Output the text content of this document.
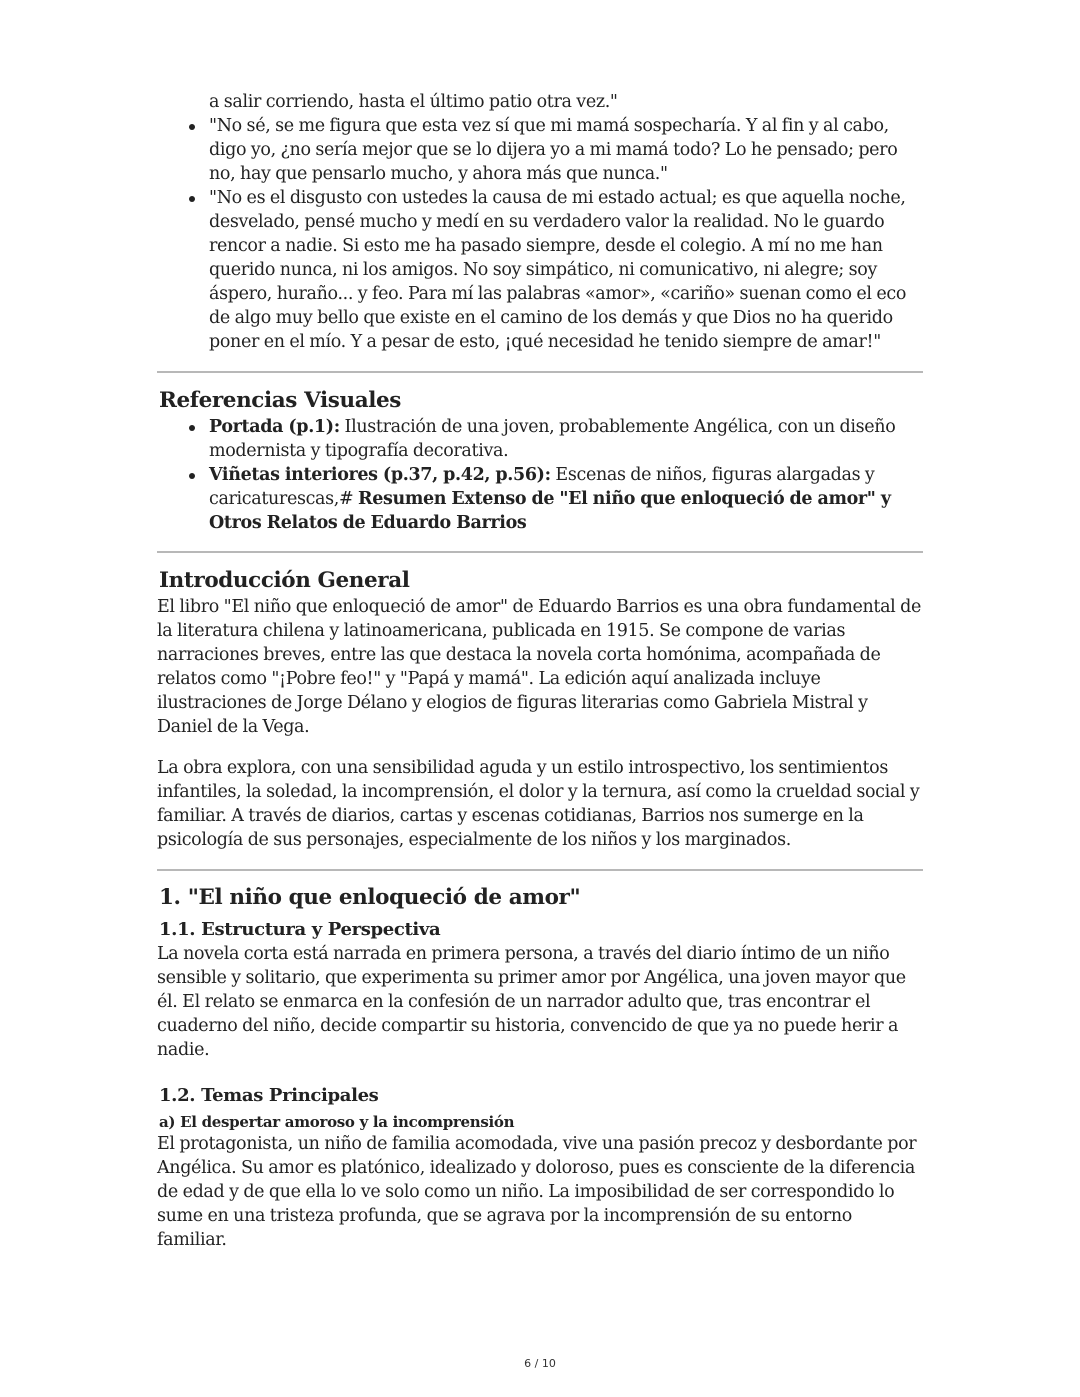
a salir corriendo, hasta el último patio otra vez."
"No sé, se me figura que esta vez sí que mi mamá sospecharía. Y al fin y al cabo, digo yo, ¿no sería mejor que se lo dijera yo a mi mamá todo? Lo he pensado; pero no, hay que pensarlo mucho, y ahora más que nunca."
"No es el disgusto con ustedes la causa de mi estado actual; es que aquella noche, desvelado, pensé mucho y medí en su verdadero valor la realidad. No le guardo rencor a nadie. Si esto me ha pasado siempre, desde el colegio. A mí no me han querido nunca, ni los amigos. No soy simpático, ni comunicativo, ni alegre; soy áspero, huraño... y feo. Para mí las palabras «amor», «cariño» suenan como el eco de algo muy bello que existe en el camino de los demás y que Dios no ha querido poner en el mío. Y a pesar de esto, ¡qué necesidad he tenido siempre de amar!"
Referencias Visuales
Portada (p.1): Ilustración de una joven, probablemente Angélica, con un diseño modernista y tipografía decorativa.
Viñetas interiores (p.37, p.42, p.56): Escenas de niños, figuras alargadas y caricaturescas,# Resumen Extenso de "El niño que enloqueció de amor" y Otros Relatos de Eduardo Barrios
Introducción General

El libro "El niño que enloqueció de amor" de Eduardo Barrios es una obra fundamental de la literatura chilena y latinoamericana, publicada en 1915. Se compone de varias narraciones breves, entre las que destaca la novela corta homónima, acompañada de relatos como "¡Pobre feo!" y "Papá y mamá". La edición aquí analizada incluye ilustraciones de Jorge Délano y elogios de figuras literarias como Gabriela Mistral y Daniel de la Vega.

La obra explora, con una sensibilidad aguda y un estilo introspectivo, los sentimientos infantiles, la soledad, la incomprensión, el dolor y la ternura, así como la crueldad social y familiar. A través de diarios, cartas y escenas cotidianas, Barrios nos sumerge en la psicología de sus personajes, especialmente de los niños y los marginados.

1. "El niño que enloqueció de amor"
1.1. Estructura y Perspectiva

La novela corta está narrada en primera persona, a través del diario íntimo de un niño sensible y solitario, que experimenta su primer amor por Angélica, una joven mayor que él. El relato se enmarca en la confesión de un narrador adulto que, tras encontrar el cuaderno del niño, decide compartir su historia, convencido de que ya no puede herir a nadie.

1.2. Temas Principales
a) El despertar amoroso y la incomprensión

El protagonista, un niño de familia acomodada, vive una pasión precoz y desbordante por Angélica. Su amor es platónico, idealizado y doloroso, pues es consciente de la diferencia de edad y de que ella lo ve solo como un niño. La imposibilidad de ser correspondido lo sume en una tristeza profunda, que se agrava por la incomprensión de su entorno familiar.

6 / 10
